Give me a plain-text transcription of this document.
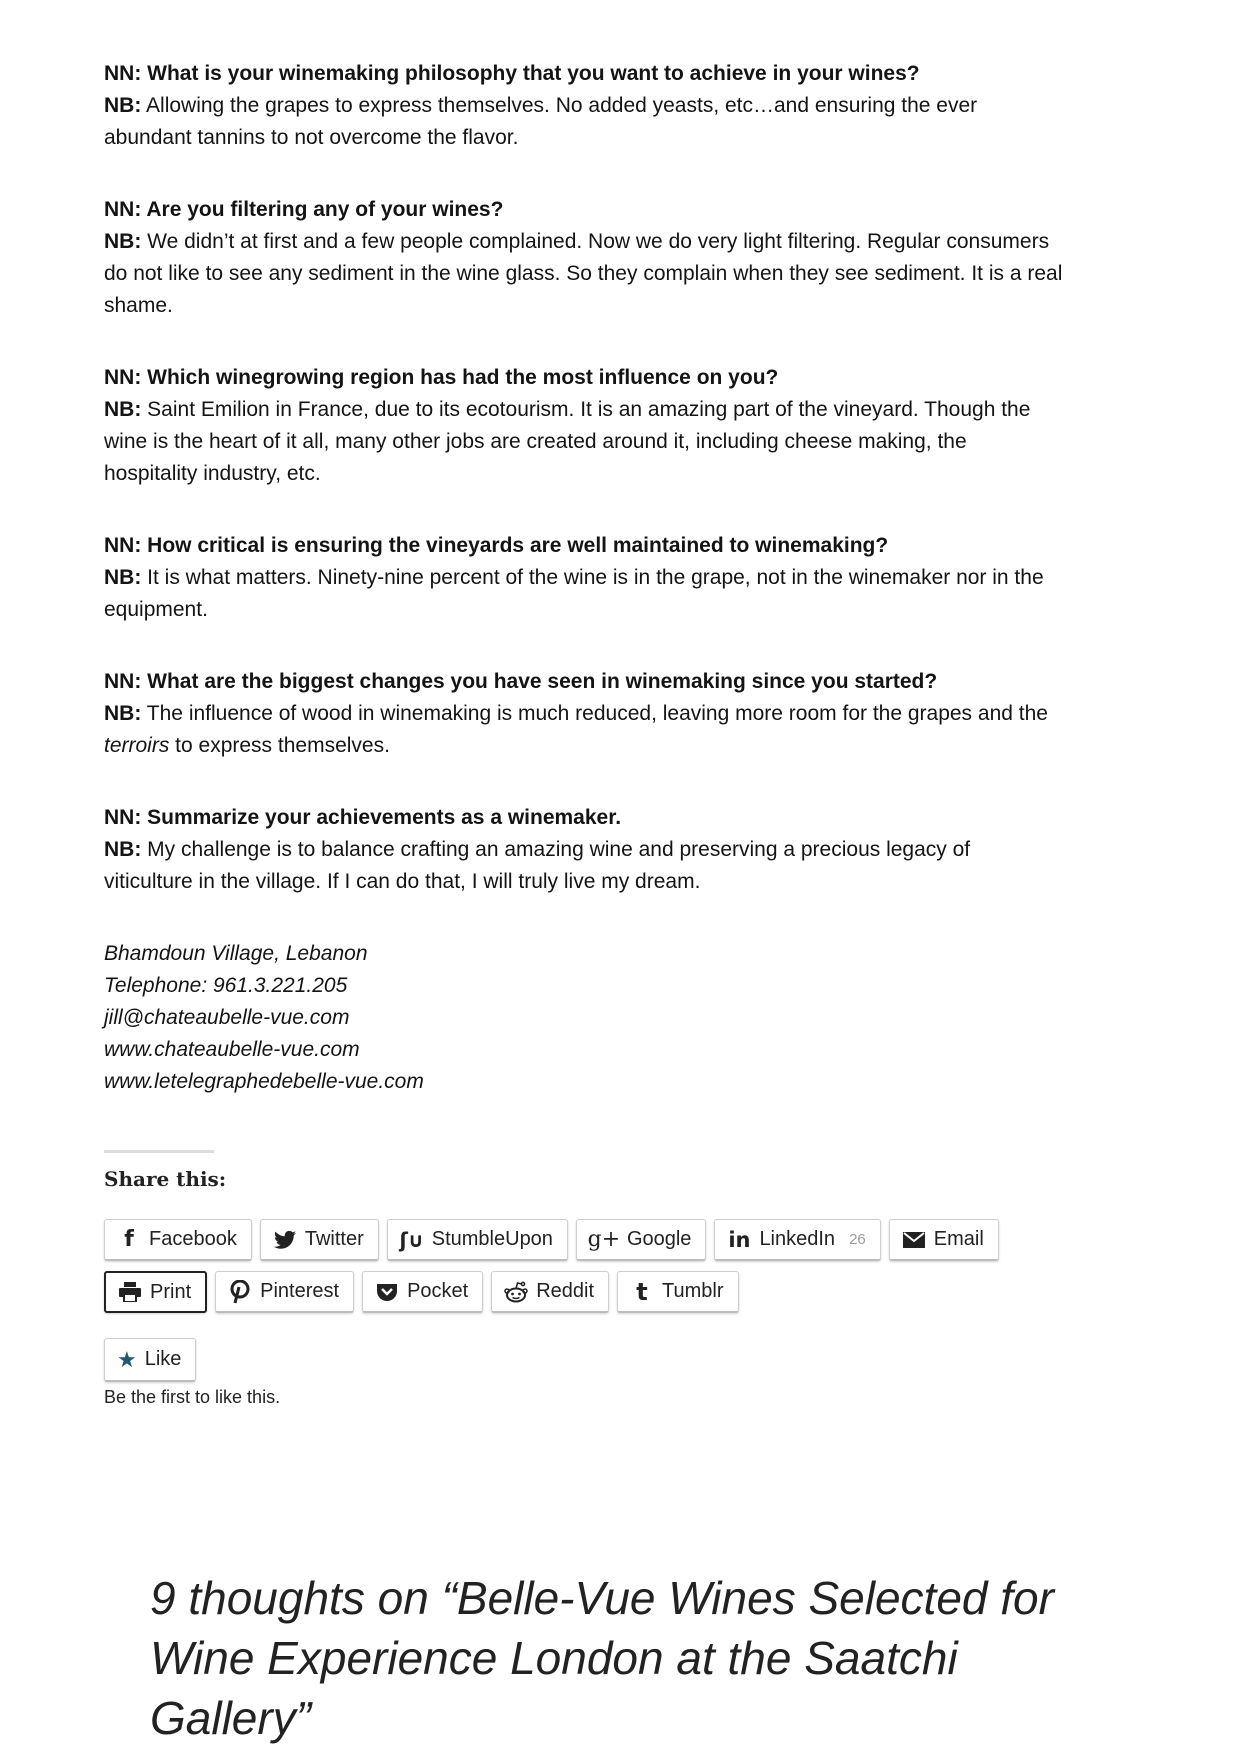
NN: What is your winemaking philosophy that you want to achieve in your wines?
NB: Allowing the grapes to express themselves. No added yeasts, etc…and ensuring the ever abundant tannins to not overcome the flavor.
NN: Are you filtering any of your wines?
NB: We didn’t at first and a few people complained. Now we do very light filtering. Regular consumers do not like to see any sediment in the wine glass. So they complain when they see sediment. It is a real shame.
NN: Which winegrowing region has had the most influence on you?
NB: Saint Emilion in France, due to its ecotourism. It is an amazing part of the vineyard. Though the wine is the heart of it all, many other jobs are created around it, including cheese making, the hospitality industry, etc.
NN: How critical is ensuring the vineyards are well maintained to winemaking?
NB: It is what matters. Ninety-nine percent of the wine is in the grape, not in the winemaker nor in the equipment.
NN: What are the biggest changes you have seen in winemaking since you started?
NB: The influence of wood in winemaking is much reduced, leaving more room for the grapes and the terroirs to express themselves.
NN: Summarize your achievements as a winemaker.
NB: My challenge is to balance crafting an amazing wine and preserving a precious legacy of viticulture in the village. If I can do that, I will truly live my dream.
Bhamdoun Village, Lebanon
Telephone: 961.3.221.205
jill@chateaubelle-vue.com
www.chateaubelle-vue.com
www.letelegraphedebelle-vue.com
Share this:
f Facebook	Twitter ʃ∪ StumbleUpon g+ Google in LinkedIn 26	Email
Print	Pinterest	Pocket	Reddit t Tumblr
★ Like
Be the first to like this.
9 thoughts on “Belle-Vue Wines Selected for Wine Experience London at the Saatchi Gallery”
